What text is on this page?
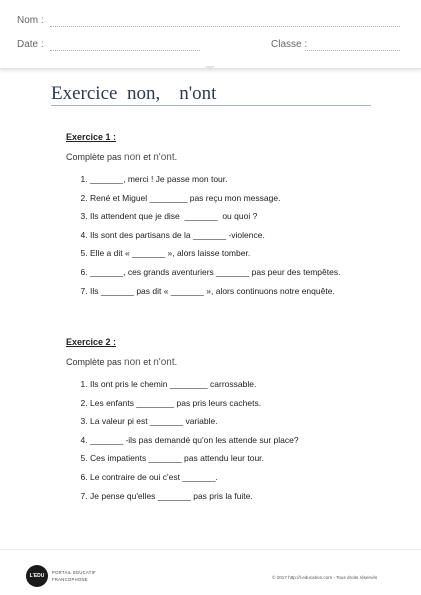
Nom :
Date :	Classe :
Exercice  non,    n'ont
Exercice 1 :
Complète pas non et n'ont.
1. _______, merci ! Je passe mon tour.
2. René et Miguel ________ pas reçu mon message.
3. Ils attendent que je dise  _______  ou quoi ?
4. Ils sont des partisans de la _______ -violence.
5. Elle a dit « _______ », alors laisse tomber.
6. _______, ces grands aventuriers _______ pas peur des tempêtes.
7. Ils _______ pas dit « _______ », alors continuons notre enquête.
Exercice 2 :
Complète pas non et n'ont.
1. Ils ont pris le chemin ________ carrossable.
2. Les enfants ________ pas pris leurs cachets.
3. La valeur pi est _______ variable.
4. _______ -ils pas demandé qu'on les attende sur place?
5. Ces impatients _______ pas attendu leur tour.
6. Le contraire de oui c'est _______.
7. Je pense qu'elles _______ pas pris la fuite.
L'EDU
PORTAIL EDUCATIF
FRANCOPHONE	© 2017 http://l-education.com - Tous droits réservés
